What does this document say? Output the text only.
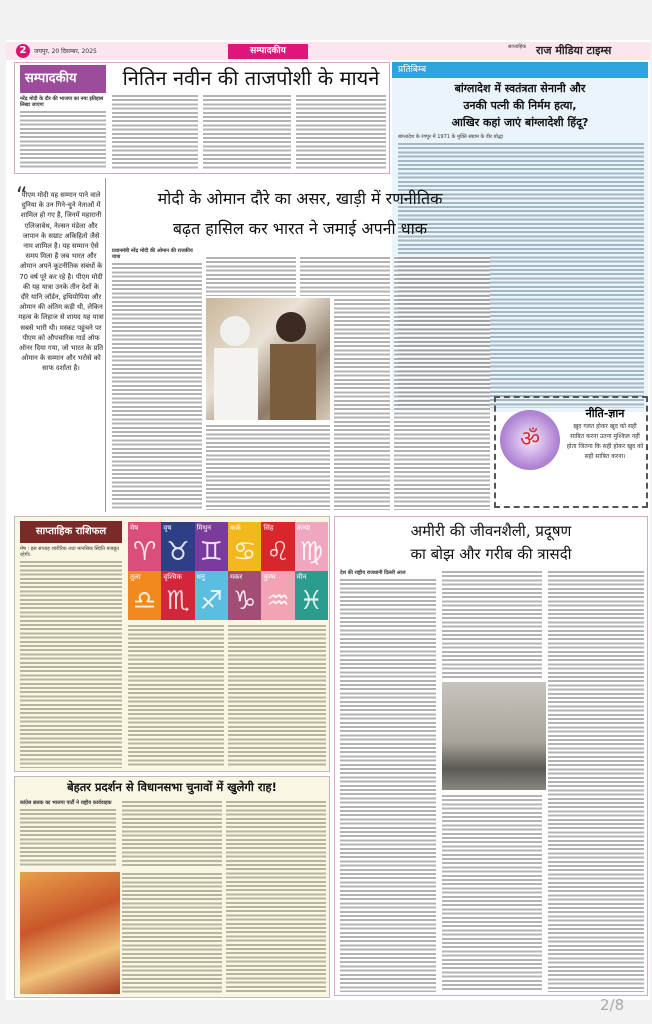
2	जयपुर, 20 दिसम्बर, 2025	सम्पादकीय	साप्ताहिक राज मीडिया टाइम्स
सम्पादकीय	नितिन नवीन की ताजपोशी के मायने
नरेंद्र मोदी के दौर की भाजपा का नया इतिहास लिखा जाएगा
प्रतिबिम्ब
बांग्लादेश में स्वतंत्रता सेनानी और
उनकी पत्नी की निर्मम हत्या,
आखिर कहां जाएं बांग्लादेशी हिंदू?
बांग्लादेश के रंगपुर में 1971 के मुक्ति संग्राम के वीर योद्धा
“
पीएम मोदी यह सम्मान पाने वाले दुनिया के उन गिने-चुने नेताओं में शामिल हो गए है, जिनमें महारानी एलिजाबेथ, नेल्सन मंडेला और जापान के सम्राट अकिहितो जैसे नाम शामिल है। यह सम्मान ऐसे समय मिला है जब भारत और ओमान अपने कूटनीतिक संबंधों के 70 वर्ष पूरे कर रहे है। पीएम मोदी की यह यात्रा उनके तीन देशों के दौरे यानि जॉर्डन, इथियोपिया और ओमान की अंतिम कड़ी थी, लेकिन महत्व के लिहाज से शायद यह यात्रा सबसे भारी थी। मस्कट पहुंचने पर पीएम को औपचारिक गार्ड ऑफ ऑनर दिया गया, जो भारत के प्रति ओमान के सम्मान और भरोसे को साफ दर्शाता है।
मोदी के ओमान दौरे का असर, खाड़ी में रणनीतिक
बढ़त हासिल कर भारत ने जमाई अपनी धाक
प्रधानमंत्री नरेंद्र मोदी की ओमान की राजकीय यात्रा
ॐ
नीति-ज्ञान
खुद गलत होकर खुद को सही साबित करना उतना मुश्किल नहीं होता जितना कि सही होकर खुद को सही साबित करना।
साप्ताहिक राशिफल
मेष : इस सप्ताह शारीरिक तथा मानसिक स्थिति मजबूत रहेगी।
मेष
♈
वृष
♉
मिथुन
♊
कर्क
♋
सिंह
♌
कन्या
♍
तुला
♎
वृश्चिक
♏
धनु
♐
मकर
♑
कुम्भ
♒
मीन
♓
बेहतर प्रदर्शन से विधानसभा चुनावों में खुलेगी राह!
कांग्रेस ब्रजक का भाजपा पार्टी ने राष्ट्रीय कार्यवाहक
अमीरी की जीवनशैली, प्रदूषण
का बोझ और गरीब की त्रासदी
देश की राष्ट्रीय राजधानी दिल्ली आज
2/8
